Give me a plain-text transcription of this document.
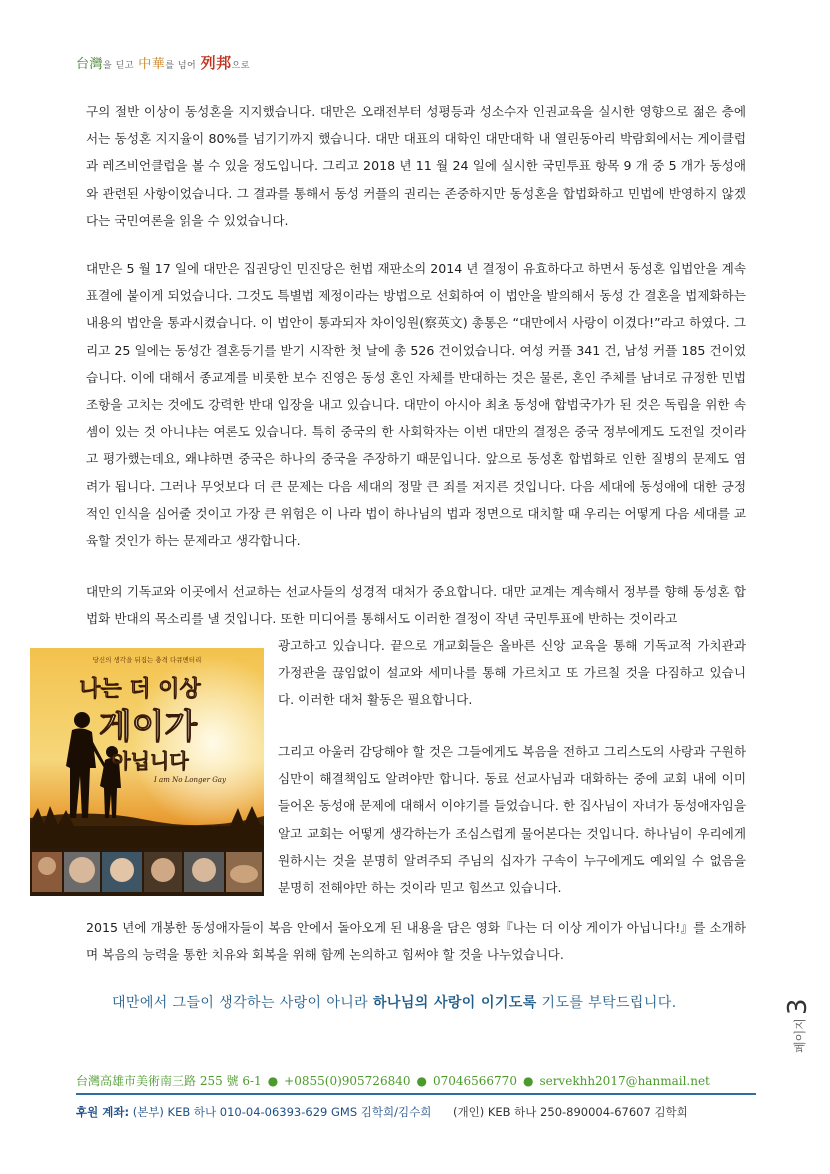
台灣을 딛고 中華를 넘어 列邦으로
구의 절반 이상이 동성혼을 지지했습니다. 대만은 오래전부터 성평등과 성소수자 인권교육을 실시한 영향으로 젊은 층에서는 동성혼 지지율이 80%를 넘기기까지 했습니다. 대만 대표의 대학인 대만대학 내 열린동아리 박람회에서는 게이클럽과 레즈비언클럽을 볼 수 있을 정도입니다. 그리고 2018 년 11 월 24 일에 실시한 국민투표 항목 9 개 중 5 개가 동성애와 관련된 사항이었습니다. 그 결과를 통해서 동성 커플의 권리는 존중하지만 동성혼을 합법화하고 민법에 반영하지 않겠다는 국민여론을 읽을 수 있었습니다.
대만은 5 월 17 일에 대만은 집권당인 민진당은 헌법 재판소의 2014 년 결정이 유효하다고 하면서 동성혼 입법안을 계속 표결에 붙이게 되었습니다. 그것도 특별법 제정이라는 방법으로 선회하여 이 법안을 발의해서 동성 간 결혼을 법제화하는 내용의 법안을 통과시켰습니다. 이 법안이 통과되자 차이잉원(察英文) 총통은 “대만에서 사랑이 이겼다!”라고 하였다. 그리고 25 일에는 동성간 결혼등기를 받기 시작한 첫 날에 총 526 건이었습니다. 여성 커플 341 건, 남성 커플 185 건이었습니다. 이에 대해서 종교계를 비롯한 보수 진영은 동성 혼인 자체를 반대하는 것은 물론, 혼인 주체를 남녀로 규정한 민법 조항을 고치는 것에도 강력한 반대 입장을 내고 있습니다. 대만이 아시아 최초 동성애 합법국가가 된 것은 독립을 위한 속셈이 있는 것 아니냐는 여론도 있습니다. 특히 중국의 한 사회학자는 이번 대만의 결정은 중국 정부에게도 도전일 것이라고 평가했는데요, 왜냐하면 중국은 하나의 중국을 주장하기 때문입니다. 앞으로 동성혼 합법화로 인한 질병의 문제도 염려가 됩니다. 그러나 무엇보다 더 큰 문제는 다음 세대의 정말 큰 죄를 저지른 것입니다. 다음 세대에 동성애에 대한 긍정적인 인식을 심어줄 것이고 가장 큰 위험은 이 나라 법이 하나님의 법과 정면으로 대치할 때 우리는 어떻게 다음 세대를 교육할 것인가 하는 문제라고 생각합니다.
대만의 기독교와 이곳에서 선교하는 선교사들의 성경적 대처가 중요합니다. 대만 교계는 계속해서 정부를 향해 동성혼 합법화 반대의 목소리를 낼 것입니다. 또한 미디어를 통해서도 이러한 결정이 작년 국민투표에 반하는 것이라고
광고하고 있습니다. 끝으로 개교회들은 올바른 신앙 교육을 통해 기독교적 가치관과 가정관을 끊임없이 설교와 세미나를 통해 가르치고 또 가르칠 것을 다짐하고 있습니다. 이러한 대처 활동은 필요합니다.
그리고 아울러 감당해야 할 것은 그들에게도 복음을 전하고 그리스도의 사랑과 구원하심만이 해결책임도 알려야만 합니다. 동료 선교사님과 대화하는 중에 교회 내에 이미 들어온 동성애 문제에 대해서 이야기를 들었습니다. 한 집사님이 자녀가 동성애자임을 알고 교회는 어떻게 생각하는가 조심스럽게 물어본다는 것입니다. 하나님이 우리에게 원하시는 것을 분명히 알려주되 주님의 십자가 구속이 누구에게도 예외일 수 없음을 분명히 전해야만 하는 것이라 믿고 힘쓰고 있습니다.
2015 년에 개봉한 동성애자들이 복음 안에서 돌아오게 된 내용을 담은 영화『나는 더 이상 게이가 아닙니다!』를 소개하며 복음의 능력을 통한 치유와 회복을 위해 함께 논의하고 힘써야 할 것을 나누었습니다.
당신의 생각을 뒤집는 충격 다큐멘터리
나는 더 이상
게이가
아닙니다
I am No Longer Gay
대만에서 그들이 생각하는 사랑이 아니라 하나님의 사랑이 이기도록 기도를 부탁드립니다.
페이지
3
台灣高雄市美術南三路 255 號 6-1 ● +0855(0)905726840 ● 07046566770 ● servekhh2017@hanmail.net
후원 계좌: (본부) KEB 하나 010-04-06393-629 GMS 김학희/김수희 (개인) KEB 하나 250-890004-67607 김학희
